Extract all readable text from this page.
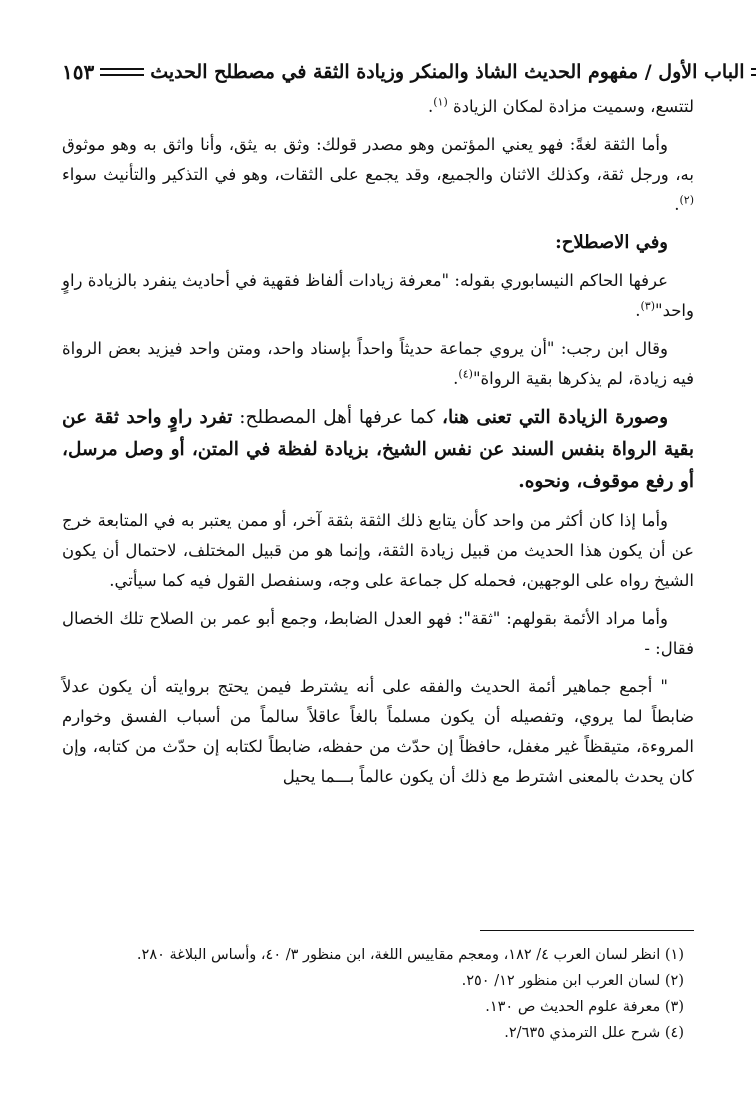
١٥٣	الباب الأول / مفهوم الحديث الشاذ والمنكر وزيادة الثقة في مصطلح الحديث

لتتسع، وسميت مزادة لمكان الزيادة $^{(١)}$.

وأما الثقة لغةً: فهو يعني المؤتمن وهو مصدر قولك: وثق به يثق، وأنا واثق به وهو موثوق به، ورجل ثقة، وكذلك الاثنان والجميع، وقد يجمع على الثقات، وهو في التذكير والتأنيث سواء $^{(٢)}$.

وفي الاصطلاح:

عرفها الحاكم النيسابوري بقوله: "معرفة زيادات ألفاظ فقهية في أحاديث ينفرد بالزيادة راوٍ واحد"$^{(٣)}$.

وقال ابن رجب: "أن يروي جماعة حديثاً واحداً بإسناد واحد، ومتن واحد فيزيد بعض الرواة فيه زيادة، لم يذكرها بقية الرواة"$^{(٤)}$.

وصورة الزيادة التي تعنى هنا، كما عرفها أهل المصطلح: تفرد راوٍ واحد ثقة عن بقية الرواة بنفس السند عن نفس الشيخ، بزيادة لفظة في المتن، أو وصل مرسل، أو رفع موقوف، ونحوه.

وأما إذا كان أكثر من واحد كأن يتابع ذلك الثقة بثقة آخر، أو ممن يعتبر به في المتابعة خرج عن أن يكون هذا الحديث من قبيل زيادة الثقة، وإنما هو من قبيل المختلف، لاحتمال أن يكون الشيخ رواه على الوجهين، فحمله كل جماعة على وجه، وسنفصل القول فيه كما سيأتي.

وأما مراد الأئمة بقولهم: "ثقة": فهو العدل الضابط، وجمع أبو عمر بن الصلاح تلك الخصال فقال: -

" أجمع جماهير أئمة الحديث والفقه على أنه يشترط فيمن يحتج بروايته أن يكون عدلاً ضابطاً لما يروي، وتفصيله أن يكون مسلماً بالغاً عاقلاً سالماً من أسباب الفسق وخوارم المروءة، متيقظاً غير مغفل، حافظاً إن حدّث من حفظه، ضابطاً لكتابه إن حدّث من كتابه، وإن كان يحدث بالمعنى اشترط مع ذلك أن يكون عالماً بـــما يحيل

(١) انظر لسان العرب ٤/ ١٨٢، ومعجم مقاييس اللغة، ابن منظور ٣/ ٤٠، وأساس البلاغة ٢٨٠.
(٢) لسان العرب ابن منظور ١٢/ ٢٥٠.
(٣) معرفة علوم الحديث ص ١٣٠.
(٤) شرح علل الترمذي ٢/٦٣٥.
